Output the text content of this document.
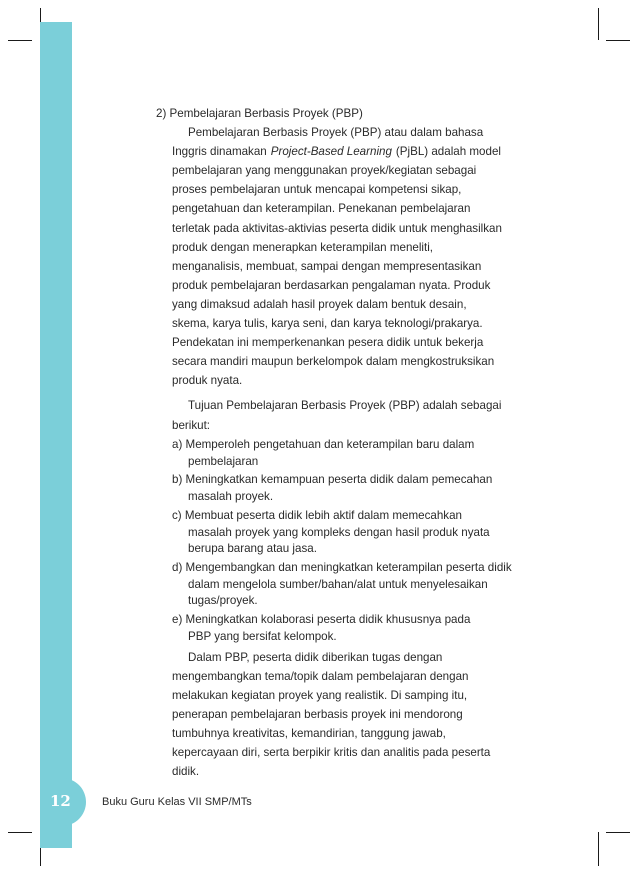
12	Buku Guru Kelas VII SMP/MTs
2) Pembelajaran Berbasis Proyek (PBP)
Pembelajaran Berbasis Proyek (PBP) atau dalam bahasa
Inggris dinamakan Project-Based Learning (PjBL) adalah model
pembelajaran yang menggunakan proyek/kegiatan sebagai
proses pembelajaran untuk mencapai kompetensi sikap,
pengetahuan dan keterampilan. Penekanan pembelajaran
terletak pada aktivitas-aktivias peserta didik untuk menghasilkan
produk dengan menerapkan keterampilan meneliti,
menganalisis, membuat, sampai dengan mempresentasikan
produk pembelajaran berdasarkan pengalaman nyata. Produk
yang dimaksud adalah hasil proyek dalam bentuk desain,
skema, karya tulis, karya seni, dan karya teknologi/prakarya.
Pendekatan ini memperkenankan pesera didik untuk bekerja
secara mandiri maupun berkelompok dalam mengkostruksikan
produk nyata.
Tujuan Pembelajaran Berbasis Proyek (PBP) adalah sebagai
berikut:
a) Memperoleh pengetahuan dan keterampilan baru dalam
pembelajaran
b) Meningkatkan kemampuan peserta didik dalam pemecahan
masalah proyek.
c) Membuat peserta didik lebih aktif dalam memecahkan
masalah proyek yang kompleks dengan hasil produk nyata
berupa barang atau jasa.
d) Mengembangkan dan meningkatkan keterampilan peserta didik
dalam mengelola sumber/bahan/alat untuk menyelesaikan
tugas/proyek.
e) Meningkatkan kolaborasi peserta didik khususnya pada
PBP yang bersifat kelompok.
Dalam PBP, peserta didik diberikan tugas dengan
mengembangkan tema/topik dalam pembelajaran dengan
melakukan kegiatan proyek yang realistik. Di samping itu,
penerapan pembelajaran berbasis proyek ini mendorong
tumbuhnya kreativitas, kemandirian, tanggung jawab,
kepercayaan diri, serta berpikir kritis dan analitis pada peserta
didik.
